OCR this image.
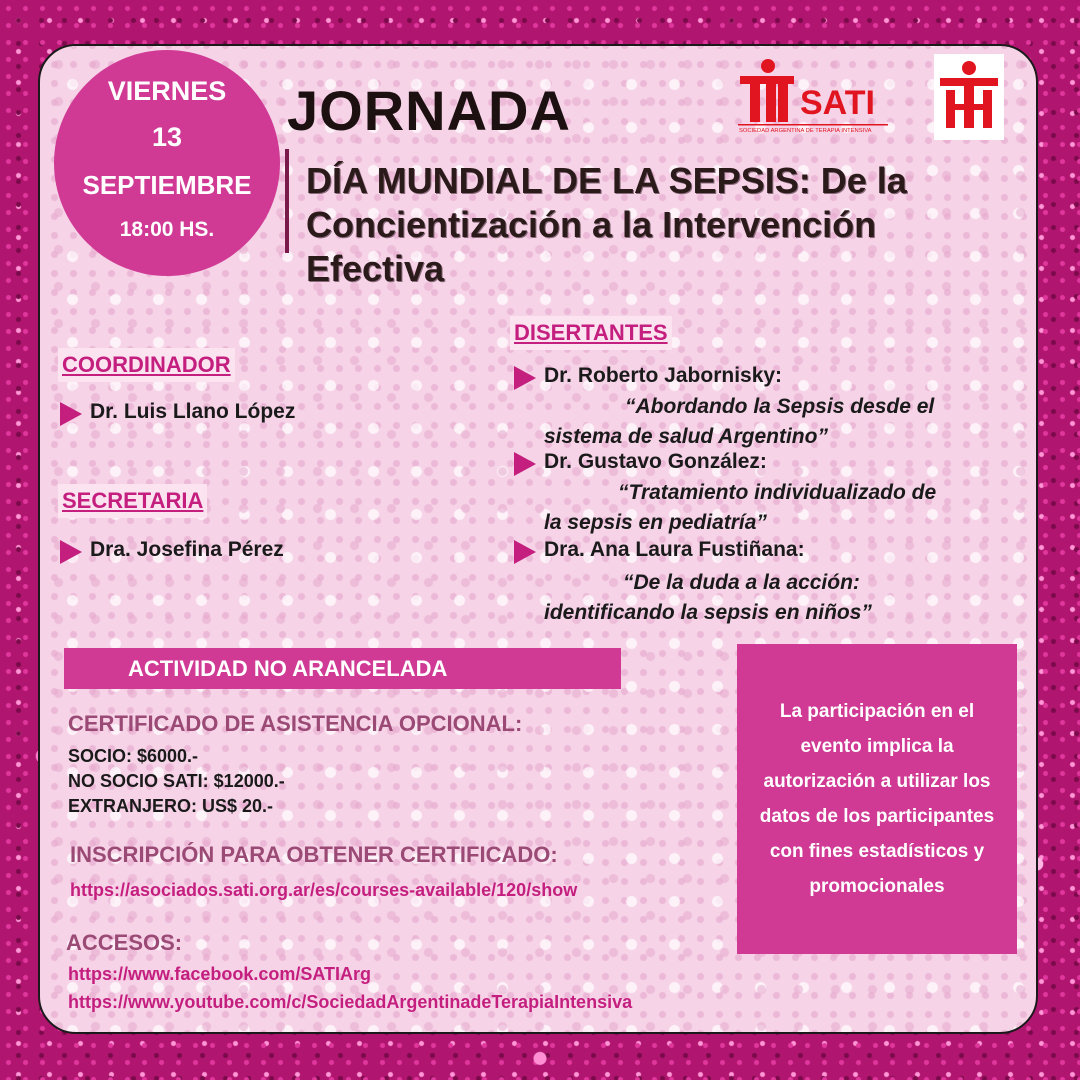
VIERNES
13
SEPTIEMBRE
18:00 HS.
JORNADA
DÍA MUNDIAL DE LA SEPSIS: De la Concientización a la Intervención Efectiva
SATI
SOCIEDAD ARGENTINA DE TERAPIA INTENSIVA
COORDINADOR
Dr. Luis Llano López
SECRETARIA
Dra. Josefina Pérez
DISERTANTES
Dr. Roberto Jabornisky:
“Abordando la Sepsis desde el
sistema de salud Argentino”
Dr. Gustavo González:
“Tratamiento individualizado de
la sepsis en pediatría”
Dra. Ana Laura Fustiñana:
“De la duda a la acción:
identificando la sepsis en niños”
ACTIVIDAD NO ARANCELADA
CERTIFICADO DE ASISTENCIA OPCIONAL:
SOCIO: $6000.-
NO SOCIO SATI: $12000.-
EXTRANJERO: US$ 20.-
INSCRIPCIÓN PARA OBTENER CERTIFICADO:
https://asociados.sati.org.ar/es/courses-available/120/show
ACCESOS:
https://www.facebook.com/SATIArg
https://www.youtube.com/c/SociedadArgentinadeTerapiaIntensiva
La participación en el evento implica la autorización a utilizar los datos de los participantes con fines estadísticos y promocionales
